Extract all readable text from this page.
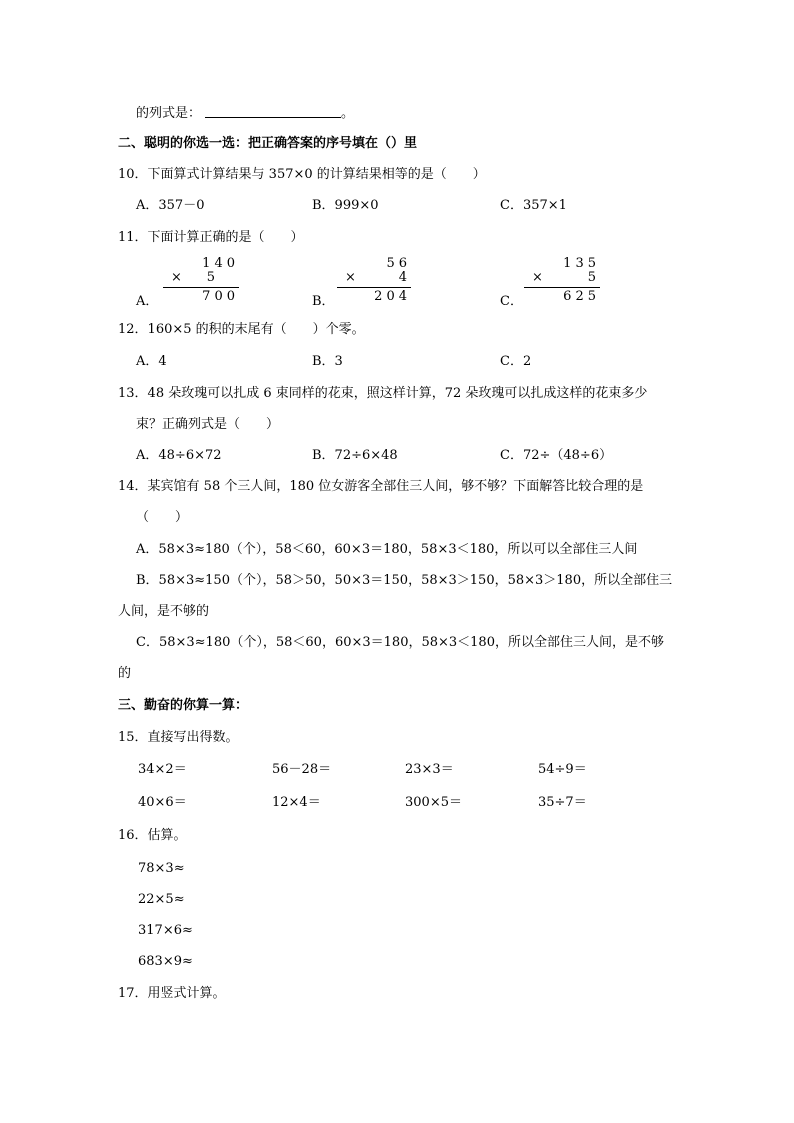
的列式是：	。
二、聪明的你选一选：把正确答案的序号填在（）里
10．下面算式计算结果与 357×0 的计算结果相等的是（　　）
A．357－0	B．999×0	C．357×1
11．下面计算正确的是（　　）
A．
140
× 5
700	B．
56
×	4
204	C．
135
×	5
625
12．160×5 的积的末尾有（　　）个零。
A．4	B．3	C．2
13．48 朵玫瑰可以扎成 6 束同样的花束，照这样计算，72 朵玫瑰可以扎成这样的花束多少
束？正确列式是（　　）
A．48÷6×72	B．72÷6×48	C．72÷（48÷6）
14．某宾馆有 58 个三人间，180 位女游客全部住三人间，够不够？下面解答比较合理的是
（　　）
A．58×3≈180（个），58＜60，60×3＝180，58×3＜180，所以可以全部住三人间
B．58×3≈150（个），58＞50，50×3＝150，58×3＞150，58×3＞180，所以全部住三
人间，是不够的
C．58×3≈180（个），58＜60，60×3＝180，58×3＜180，所以全部住三人间，是不够
的
三、勤奋的你算一算：
15．直接写出得数。
34×2＝	56－28＝	23×3＝	54÷9＝
40×6＝	12×4＝	300×5＝	35÷7＝
16．估算。
78×3≈
22×5≈
317×6≈
683×9≈
17．用竖式计算。
